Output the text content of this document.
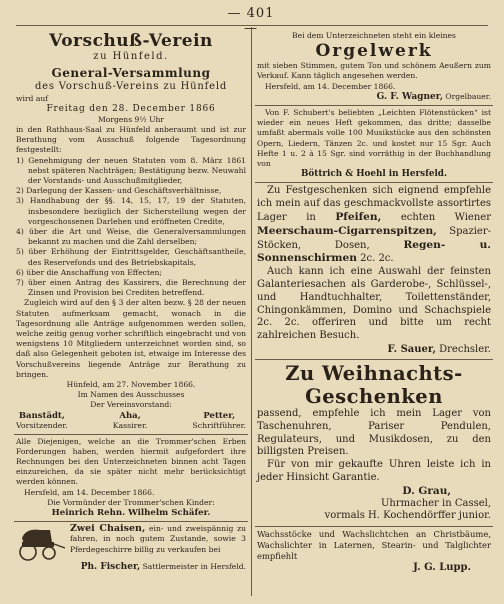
— 401 —
Vorschuß-Verein
zu Hünfeld.
General-Versammlung
des Vorschuß-Vereins zu Hünfeld

wird auf

Freitag den 28. December 1866

Morgens 9½ Uhr

in den Rathhaus-Saal zu Hünfeld anberaumt und ist zur Berathung vom Ausschuß folgende Tagesordnung festgestellt:

1) Genehmigung der neuen Statuten vom 8. März 1861 nebst späteren Nachträgen; Bestätigung bezw. Neuwahl der Vorstands- und Ausschußmitglieder,

2) Darlegung der Kassen- und Geschäftsverhältnisse,

3) Handhabung der §§. 14, 15, 17, 19 der Statuten, insbesondere bezüglich der Sicherstellung wegen der vorgeschossenen Darlehen und eröffneten Credite,

4) über die Art und Weise, die Generalversammlungen bekannt zu machen und die Zahl derselben;

5) über Erhöhung der Eintrittsgelder, Geschäftsantheile, des Reservefonds und des Betriebskapitals,

6) über die Anschaffung von Effecten;

7) über einen Antrag des Kassirers, die Berechnung der Zinsen und Provision bei Crediten betreffend.

Zugleich wird auf den § 3 der alten bezw. § 28 der neuen Statuten aufmerksam gemacht, wonach in die Tagesordnung alle Anträge aufgenommen werden sollen, welche zeitig genug vorher schriftlich eingebracht und von wenigstens 10 Mitgliedern unterzeichnet worden sind, so daß also Gelegenheit geboten ist, etwaige im Interesse des Vorschußvereins liegende Anträge zur Berathung zu bringen.

Hünfeld, am 27. November 1866.

Im Namen des Ausschusses

Der Vereinsvorstand:

Banstädt,
Vorsitzender.
Aha,
Kassirer.
Petter,
Schriftführer.

Alle Diejenigen, welche an die Trommer'schen Erben Forderungen haben, werden hiermit aufgefordert ihre Rechnungen bei den Unterzeichneten binnen acht Tagen einzureichen, da sie später nicht mehr berücksichtigt werden können.

Hersfeld, am 14. December 1866.

Die Vormünder der Trommer'schen Kinder:

Heinrich Rehn. Wilhelm Schäfer.

Zwei Chaisen, ein- und zweispännig zu fahren, in noch gutem Zustande, sowie 3 Pferdegeschirre billig zu verkaufen bei

Ph. Fischer, Sattlermeister in Hersfeld.

Bei dem Unterzeichneten steht ein kleines

Orgelwerk

mit sieben Stimmen, gutem Ton und schönem Aeußern zum Verkauf. Kann täglich angesehen werden.

Hersfeld, am 14. December 1866.

G. F. Wagner, Orgelbauer.

Von F. Schubert's beliebten „Leichten Flötenstücken“ ist wieder ein neues Heft gekommen, das dritte; dasselbe umfaßt abermals volle 100 Musikstücke aus den schönsten Opern, Liedern, Tänzen 2c. und kostet nur 15 Sgr. Auch Hefte 1 u. 2 à 15 Sgr. sind vorräthig in der Buchhandlung von

Böttrich & Hoehl in Hersfeld.

Zu Festgeschenken sich eignend empfehle ich mein auf das geschmackvollste assortirtes Lager in Pfeifen, echten Wiener Meerschaum-Cigarrenspitzen, Spazier-Stöcken, Dosen,	Regen- u. Sonnenschirmen 2c. 2c.

Auch kann ich eine Auswahl der feinsten Galanteriesachen als Garderobe-, Schlüssel-, und Handtuchhalter, Toilettenständer, Chingonkämmen, Domino und Schachspiele 2c. 2c. offeriren und bitte um recht zahlreichen Besuch.

F. Sauer, Drechsler.

Zu Weihnachts-Geschenken

passend, empfehle ich mein Lager von Taschenuhren, Pariser Pendulen, Regulateurs, und Musikdosen, zu den billigsten Preisen.

Für von mir gekaufte Uhren leiste ich in jeder Hinsicht Garantie.

D. Grau,

Uhrmacher in Cassel,

vormals H. Kochendörffer junior.

Wachsstöcke und Wachslichtchen an Christbäume, Wachslichter in Laternen, Stearin- und Talglichter empfiehlt

J. G. Lupp.
